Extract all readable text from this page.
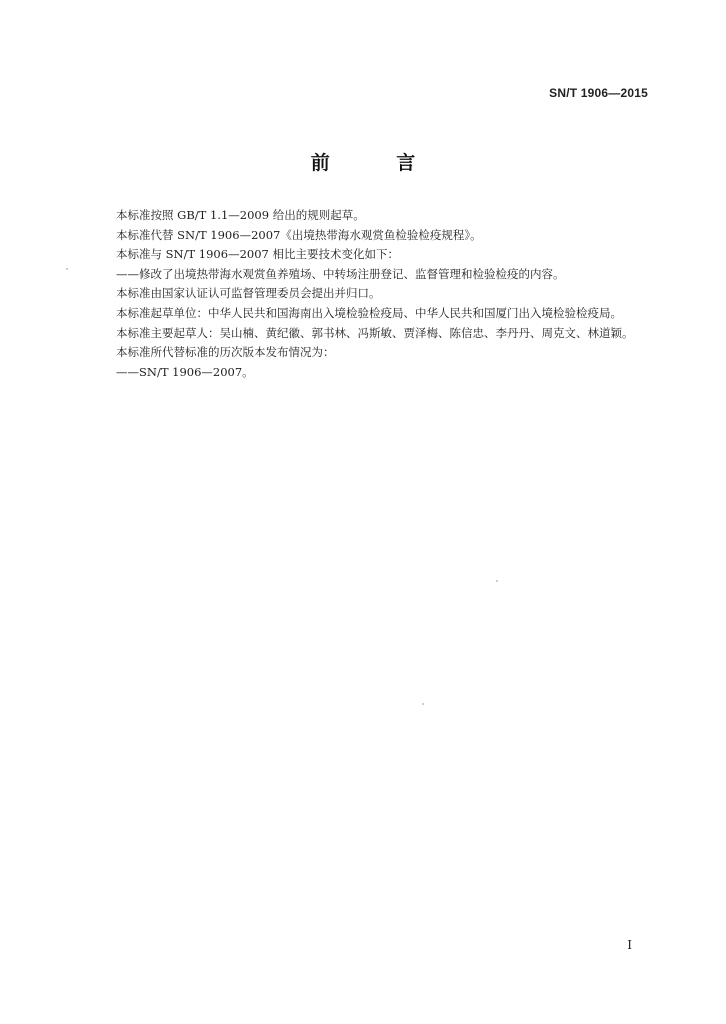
SN/T 1906—2015
前 言

本标准按照 GB/T 1.1—2009 给出的规则起草。

本标准代替 SN/T 1906—2007《出境热带海水观赏鱼检验检疫规程》。

本标准与 SN/T 1906—2007 相比主要技术变化如下：

——修改了出境热带海水观赏鱼养殖场、中转场注册登记、监督管理和检验检疫的内容。

本标准由国家认证认可监督管理委员会提出并归口。

本标准起草单位：中华人民共和国海南出入境检验检疫局、中华人民共和国厦门出入境检验检疫局。

本标准主要起草人：吴山楠、黄纪徽、郭书林、冯斯敏、贾泽梅、陈信忠、李丹丹、周克文、林道颖。

本标准所代替标准的历次版本发布情况为：

——SN/T 1906—2007。

I
